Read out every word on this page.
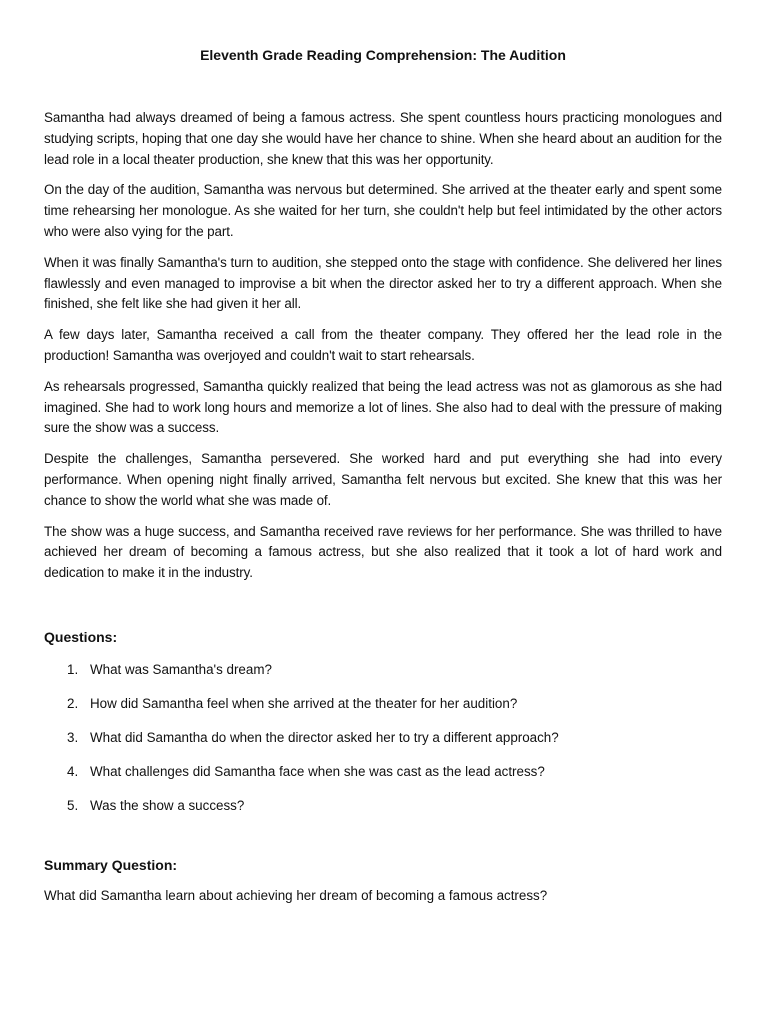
Eleventh Grade Reading Comprehension: The Audition

Samantha had always dreamed of being a famous actress. She spent countless hours practicing monologues and studying scripts, hoping that one day she would have her chance to shine. When she heard about an audition for the lead role in a local theater production, she knew that this was her opportunity.

On the day of the audition, Samantha was nervous but determined. She arrived at the theater early and spent some time rehearsing her monologue. As she waited for her turn, she couldn't help but feel intimidated by the other actors who were also vying for the part.

When it was finally Samantha's turn to audition, she stepped onto the stage with confidence. She delivered her lines flawlessly and even managed to improvise a bit when the director asked her to try a different approach. When she finished, she felt like she had given it her all.

A few days later, Samantha received a call from the theater company. They offered her the lead role in the production! Samantha was overjoyed and couldn't wait to start rehearsals.

As rehearsals progressed, Samantha quickly realized that being the lead actress was not as glamorous as she had imagined. She had to work long hours and memorize a lot of lines. She also had to deal with the pressure of making sure the show was a success.

Despite the challenges, Samantha persevered. She worked hard and put everything she had into every performance. When opening night finally arrived, Samantha felt nervous but excited. She knew that this was her chance to show the world what she was made of.

The show was a huge success, and Samantha received rave reviews for her performance. She was thrilled to have achieved her dream of becoming a famous actress, but she also realized that it took a lot of hard work and dedication to make it in the industry.

Questions:
1. What was Samantha's dream?
2. How did Samantha feel when she arrived at the theater for her audition?
3. What did Samantha do when the director asked her to try a different approach?
4. What challenges did Samantha face when she was cast as the lead actress?
5. Was the show a success?
Summary Question:

What did Samantha learn about achieving her dream of becoming a famous actress?
